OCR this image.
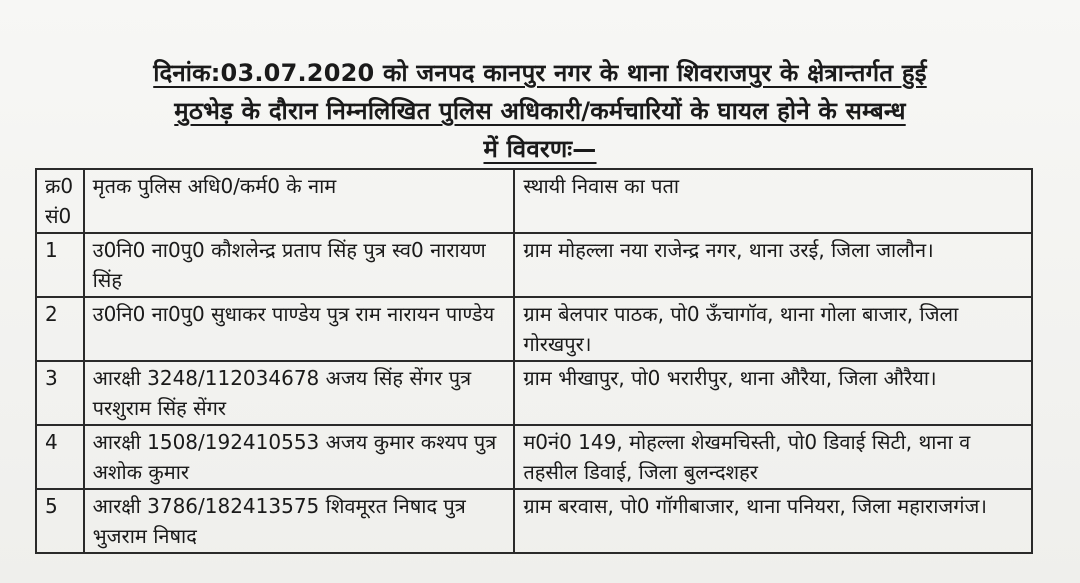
दिनांक:03.07.2020 को जनपद कानपुर नगर के थाना शिवराजपुर के क्षेत्रान्तर्गत हुई
मुठभेड़ के दौरान निम्नलिखित पुलिस अधिकारी/कर्मचारियों के घायल होने के सम्बन्ध
में विवरणः—
क्र0 सं0	मृतक पुलिस अधि0/कर्म0 के नाम	स्थायी निवास का पता
1	उ0नि0 ना0पु0 कौशलेन्द्र प्रताप सिंह पुत्र स्व0 नारायण सिंह	ग्राम मोहल्ला नया राजेन्द्र नगर, थाना उरई, जिला जालौन।
2	उ0नि0 ना0पु0 सुधाकर पाण्डेय पुत्र राम नारायन पाण्डेय	ग्राम बेलपार पाठक, पो0 ऊँचागॉव, थाना गोला बाजार, जिला गोरखपुर।
3	आरक्षी 3248/112034678 अजय सिंह सेंगर पुत्र परशुराम सिंह सेंगर	ग्राम भीखापुर, पो0 भरारीपुर, थाना औरैया, जिला औरैया।
4	आरक्षी 1508/192410553 अजय कुमार कश्यप पुत्र अशोक कुमार	म0नं0 149, मोहल्ला शेखमचिस्ती, पो0 डिवाई सिटी, थाना व तहसील डिवाई, जिला बुलन्दशहर
5	आरक्षी 3786/182413575 शिवमूरत निषाद पुत्र भुजराम निषाद	ग्राम बरवास, पो0 गॉगीबाजार, थाना पनियरा, जिला महाराजगंज।
